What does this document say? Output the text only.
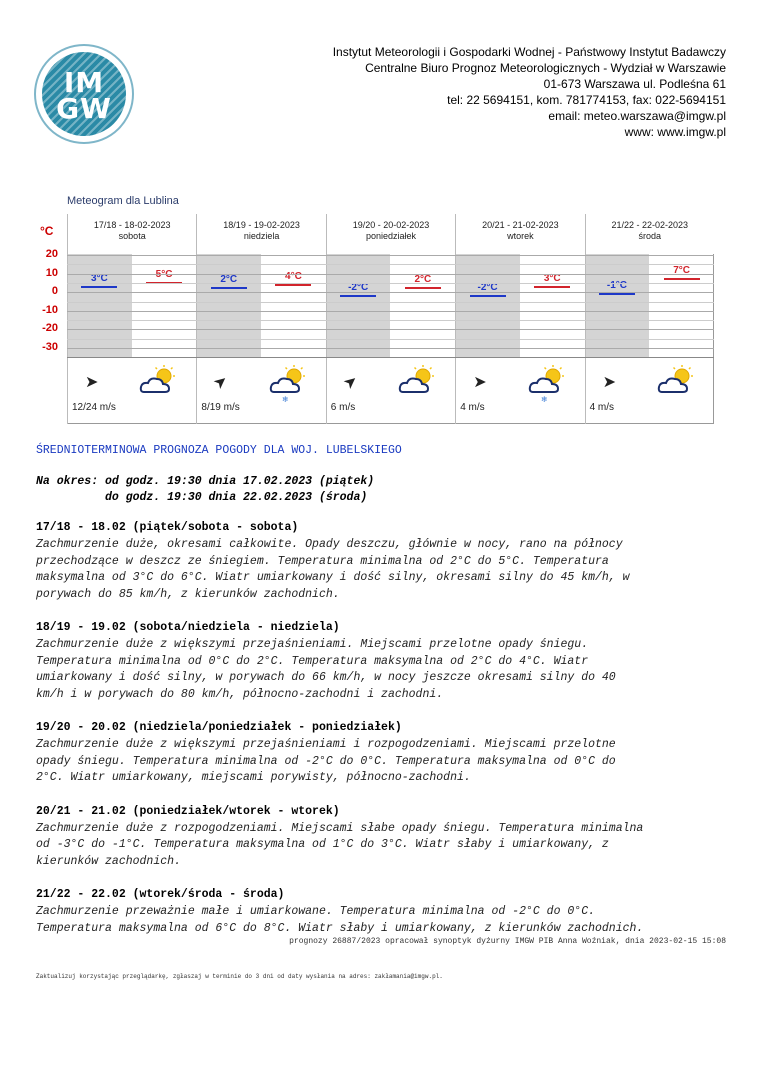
IM
GW
Instytut Meteorologii i Gospodarki Wodnej - Państwowy Instytut Badawczy
Centralne Biuro Prognoz Meteorologicznych - Wydział w Warszawie
01-673 Warszawa ul. Podleśna 61
tel: 22 5694151, kom. 781774153, fax: 022-5694151
email: meteo.warszawa@imgw.pl
www: www.imgw.pl
Meteogram dla Lublina
°C	17/18 - 18-02-2023
sobota
3°C	5°C
➤
12/24 m/s
18/19 - 19-02-2023
niedziela
2°C	4°C
➤
8/19 m/s
❄
19/20 - 20-02-2023
poniedziałek
-2°C
2°C
➤
6 m/s
20/21 - 21-02-2023
wtorek
-2°C
3°C
➤
4 m/s
❄
21/22 - 22-02-2023
środa
-1°C
7°C
➤
4 m/s
20
10
0
-10
-20
-30
ŚREDNIOTERMINOWA PROGNOZA POGODY DLA WOJ. LUBELSKIEGO
Na okres: od godz. 19:30 dnia 17.02.2023 (piątek)
do godz. 19:30 dnia 22.02.2023 (środa)
17/18 - 18.02 (piątek/sobota - sobota)
Zachmurzenie duże, okresami całkowite. Opady deszczu, głównie w nocy, rano na północy
przechodzące w deszcz ze śniegiem. Temperatura minimalna od 2°C do 5°C. Temperatura
maksymalna od 3°C do 6°C. Wiatr umiarkowany i dość silny, okresami silny do 45 km/h, w
porywach do 85 km/h, z kierunków zachodnich.
18/19 - 19.02 (sobota/niedziela - niedziela)
Zachmurzenie duże z większymi przejaśnieniami. Miejscami przelotne opady śniegu.
Temperatura minimalna od 0°C do 2°C. Temperatura maksymalna od 2°C do 4°C. Wiatr
umiarkowany i dość silny, w porywach do 66 km/h, w nocy jeszcze okresami silny do 40
km/h i w porywach do 80 km/h, północno-zachodni i zachodni.
19/20 - 20.02 (niedziela/poniedziałek - poniedziałek)
Zachmurzenie duże z większymi przejaśnieniami i rozpogodzeniami. Miejscami przelotne
opady śniegu. Temperatura minimalna od -2°C do 0°C. Temperatura maksymalna od 0°C do
2°C. Wiatr umiarkowany, miejscami porywisty, północno-zachodni.
20/21 - 21.02 (poniedziałek/wtorek - wtorek)
Zachmurzenie duże z rozpogodzeniami. Miejscami słabe opady śniegu. Temperatura minimalna
od -3°C do -1°C. Temperatura maksymalna od 1°C do 3°C. Wiatr słaby i umiarkowany, z
kierunków zachodnich.
21/22 - 22.02 (wtorek/środa - środa)
Zachmurzenie przeważnie małe i umiarkowane. Temperatura minimalna od -2°C do 0°C.
Temperatura maksymalna od 6°C do 8°C. Wiatr słaby i umiarkowany, z kierunków zachodnich.
prognozy 26887/2023 opracował synoptyk dyżurny IMGW PIB Anna Woźniak, dnia 2023-02-15 15:08
Zaktualizuj korzystając przeglądarkę, zgłaszaj w terminie do 3 dni od daty wysłania na adres: zakłamania@imgw.pl.
